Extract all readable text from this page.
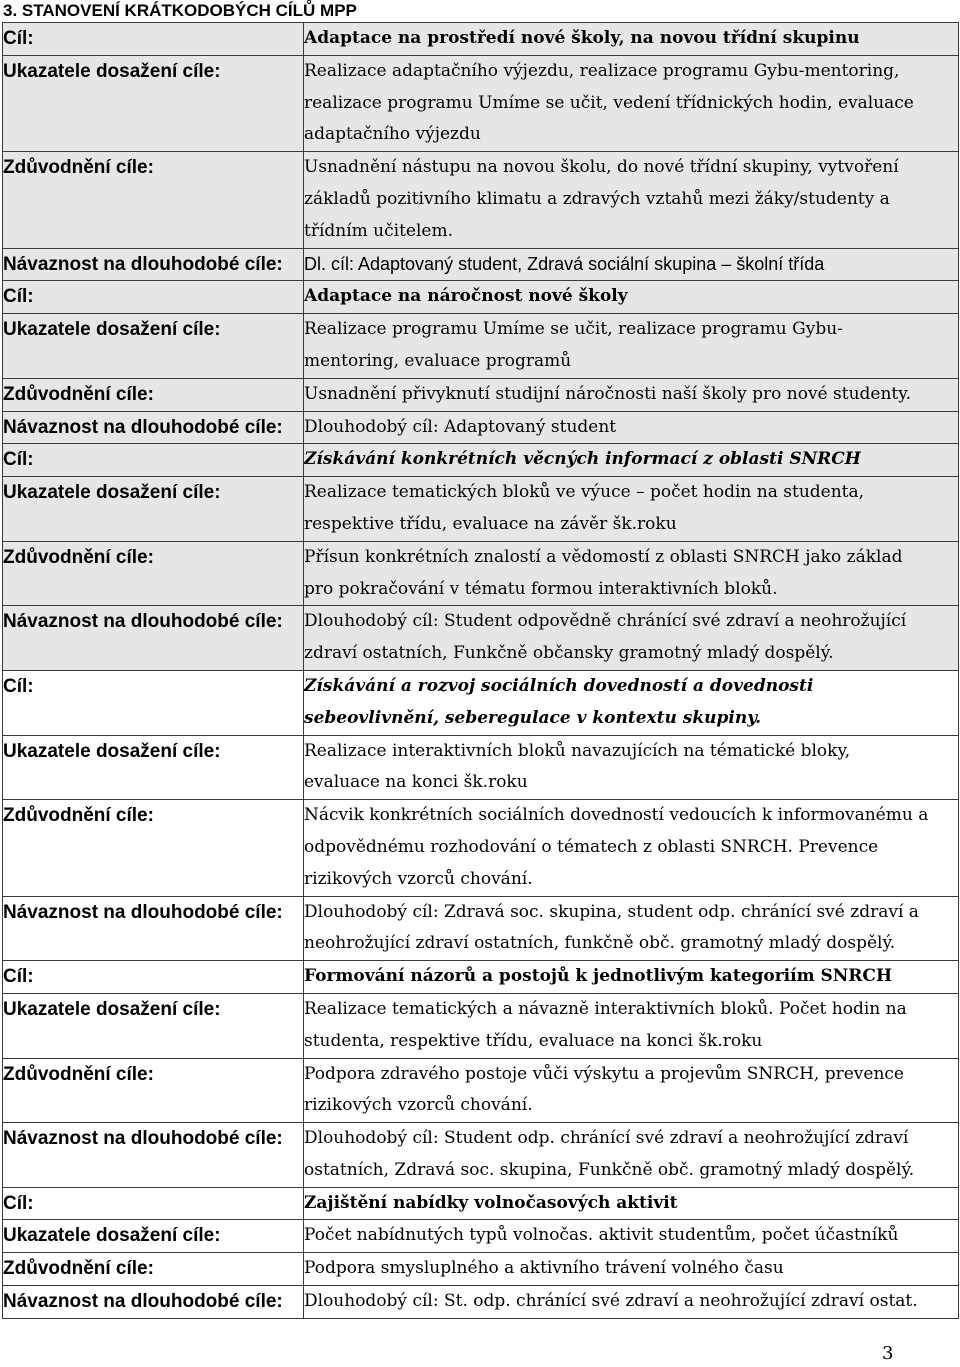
3. STANOVENÍ KRÁTKODOBÝCH CÍLŮ MPP
Cíl:	Adaptace na prostředí nové školy, na novou třídní skupinu

Ukazatele dosažení cíle:	Realizace adaptačního výjezdu, realizace programu Gybu-mentoring,
realizace programu Umíme se učit, vedení třídnických hodin, evaluace
adaptačního výjezdu

Zdůvodnění cíle:	Usnadnění nástupu na novou školu, do nové třídní skupiny, vytvoření
základů pozitivního klimatu a zdravých vztahů mezi žáky/studenty a
třídním učitelem.

Návaznost na dlouhodobé cíle:	Dl. cíl: Adaptovaný student, Zdravá sociální skupina – školní třída

Cíl:	Adaptace na náročnost nové školy

Ukazatele dosažení cíle:	Realizace programu Umíme se učit, realizace programu Gybu-
mentoring, evaluace programů

Zdůvodnění cíle:	Usnadnění přivyknutí studijní náročnosti naší školy pro nové studenty.

Návaznost na dlouhodobé cíle:	Dlouhodobý cíl: Adaptovaný student

Cíl:	Získávání konkrétních věcných informací z oblasti SNRCH

Ukazatele dosažení cíle:	Realizace tematických bloků ve výuce – počet hodin na studenta,
respektive třídu, evaluace na závěr šk.roku

Zdůvodnění cíle:	Přísun konkrétních znalostí a vědomostí z oblasti SNRCH jako základ
pro pokračování v tématu formou interaktivních bloků.

Návaznost na dlouhodobé cíle:	Dlouhodobý cíl: Student odpovědně chránící své zdraví a neohrožující
zdraví ostatních, Funkčně občansky gramotný mladý dospělý.

Cíl:	Získávání a rozvoj sociálních dovedností a dovednosti
sebeovlivnění, seberegulace v kontextu skupiny.

Ukazatele dosažení cíle:	Realizace interaktivních bloků navazujících na tématické bloky,
evaluace na konci šk.roku

Zdůvodnění cíle:	Nácvik konkrétních sociálních dovedností vedoucích k informovanému a
odpovědnému rozhodování o tématech z oblasti SNRCH. Prevence
rizikových vzorců chování.

Návaznost na dlouhodobé cíle:	Dlouhodobý cíl: Zdravá soc. skupina, student odp. chránící své zdraví a
neohrožující zdraví ostatních, funkčně obč. gramotný mladý dospělý.

Cíl:	Formování názorů a postojů k jednotlivým kategoriím SNRCH

Ukazatele dosažení cíle:	Realizace tematických a návazně interaktivních bloků. Počet hodin na
studenta, respektive třídu, evaluace na konci šk.roku

Zdůvodnění cíle:	Podpora zdravého postoje vůči výskytu a projevům SNRCH, prevence
rizikových vzorců chování.

Návaznost na dlouhodobé cíle:	Dlouhodobý cíl: Student odp. chránící své zdraví a neohrožující zdraví
ostatních, Zdravá soc. skupina, Funkčně obč. gramotný mladý dospělý.

Cíl:	Zajištění nabídky volnočasových aktivit

Ukazatele dosažení cíle:	Počet nabídnutých typů volnočas. aktivit studentům, počet účastníků

Zdůvodnění cíle:	Podpora smysluplného a aktivního trávení volného času

Návaznost na dlouhodobé cíle:	Dlouhodobý cíl: St. odp. chránící své zdraví a neohrožující zdraví ostat.
3
